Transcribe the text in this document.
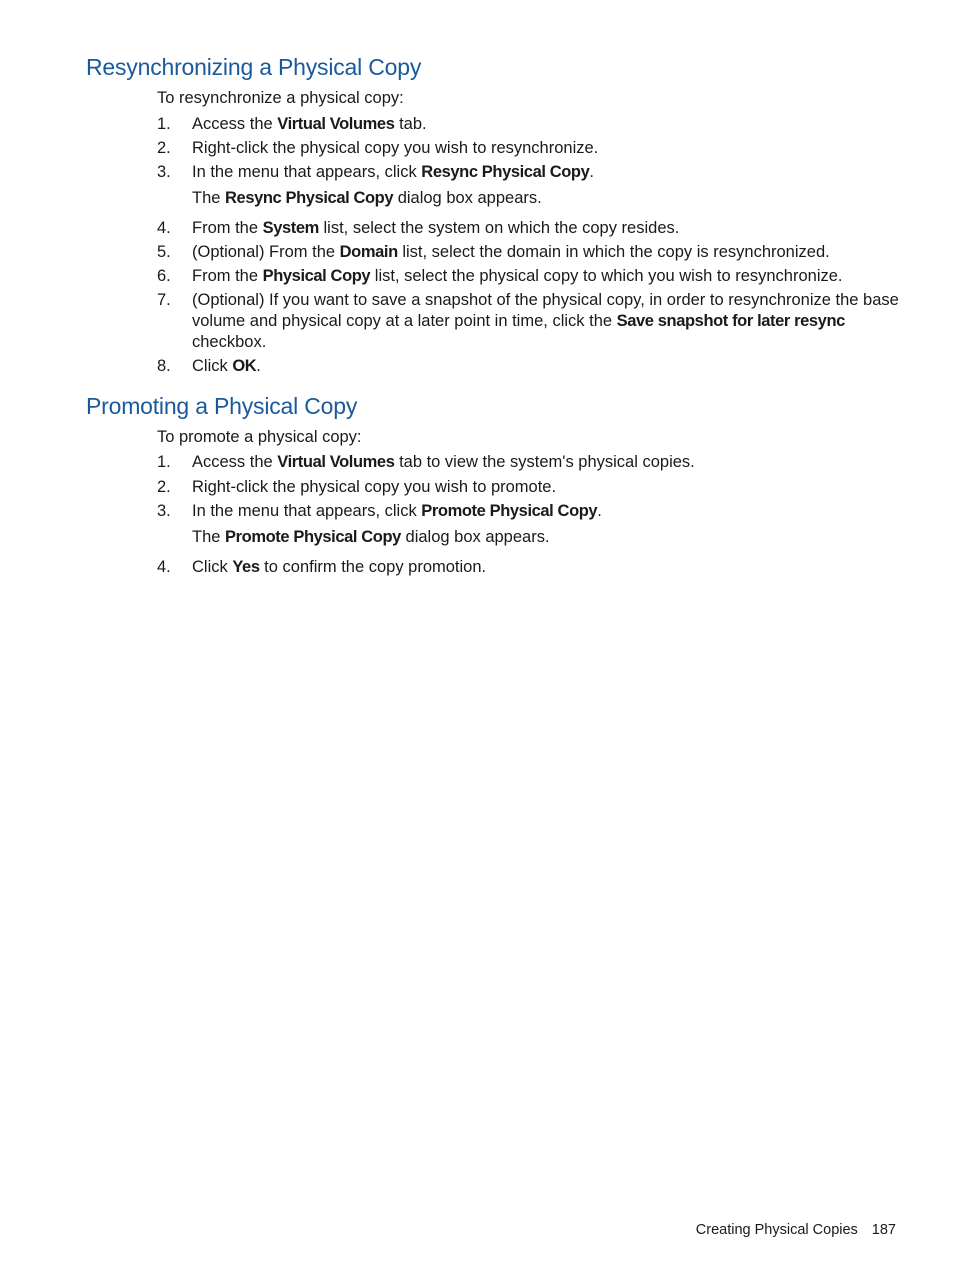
Resynchronizing a Physical Copy

To resynchronize a physical copy:

1.	Access the Virtual Volumes tab.
2.	Right-click the physical copy you wish to resynchronize.
3.	In the menu that appears, click Resync Physical Copy.
The Resync Physical Copy dialog box appears.
4.	From the System list, select the system on which the copy resides.
5.	(Optional) From the Domain list, select the domain in which the copy is resynchronized.
6.	From the Physical Copy list, select the physical copy to which you wish to resynchronize.
7.	(Optional) If you want to save a snapshot of the physical copy, in order to resynchronize the base volume and physical copy at a later point in time, click the Save snapshot for later resync checkbox.
8.	Click OK.
Promoting a Physical Copy

To promote a physical copy:

1.	Access the Virtual Volumes tab to view the system's physical copies.
2.	Right-click the physical copy you wish to promote.
3.	In the menu that appears, click Promote Physical Copy.
The Promote Physical Copy dialog box appears.
4.	Click Yes to confirm the copy promotion.
Creating Physical Copies 187
